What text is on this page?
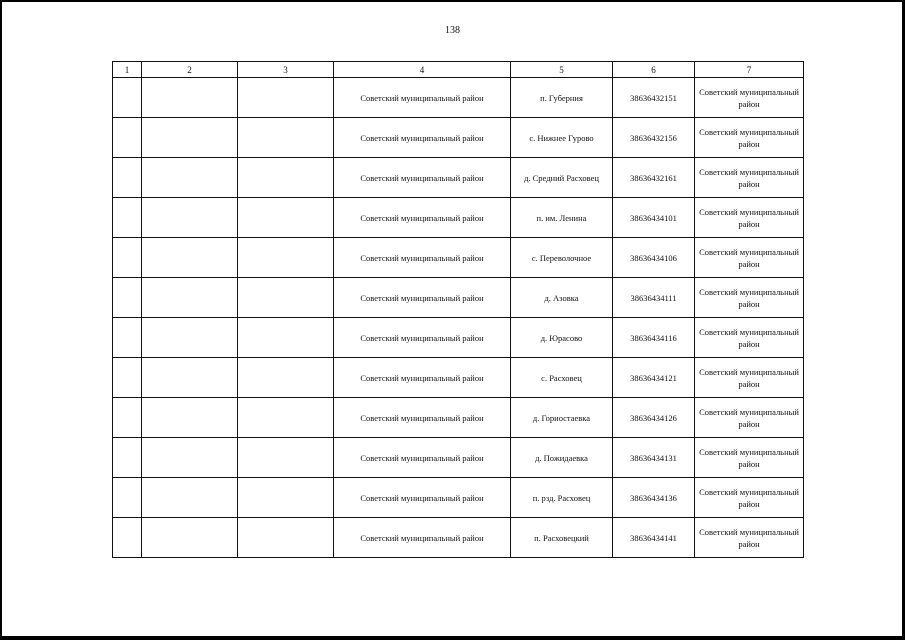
138
1	2	3	4	5	6	7
			Советский муниципальный район	п. Губерния	38636432151	Советский муниципальный район
			Советский муниципальный район	с. Нижнее Гурово	38636432156	Советский муниципальный район
			Советский муниципальный район	д. Средний Расховец	38636432161	Советский муниципальный район
			Советский муниципальный район	п. им. Ленина	38636434101	Советский муниципальный район
			Советский муниципальный район	с. Переволочное	38636434106	Советский муниципальный район
			Советский муниципальный район	д. Азовка	38636434111	Советский муниципальный район
			Советский муниципальный район	д. Юрасово	38636434116	Советский муниципальный район
			Советский муниципальный район	с. Расховец	38636434121	Советский муниципальный район
			Советский муниципальный район	д. Гориостаевка	38636434126	Советский муниципальный район
			Советский муниципальный район	д. Пожидаевка	38636434131	Советский муниципальный район
			Советский муниципальный район	п. рзд. Расховец	38636434136	Советский муниципальный район
			Советский муниципальный район	п. Расховецкий	38636434141	Советский муниципальный район
